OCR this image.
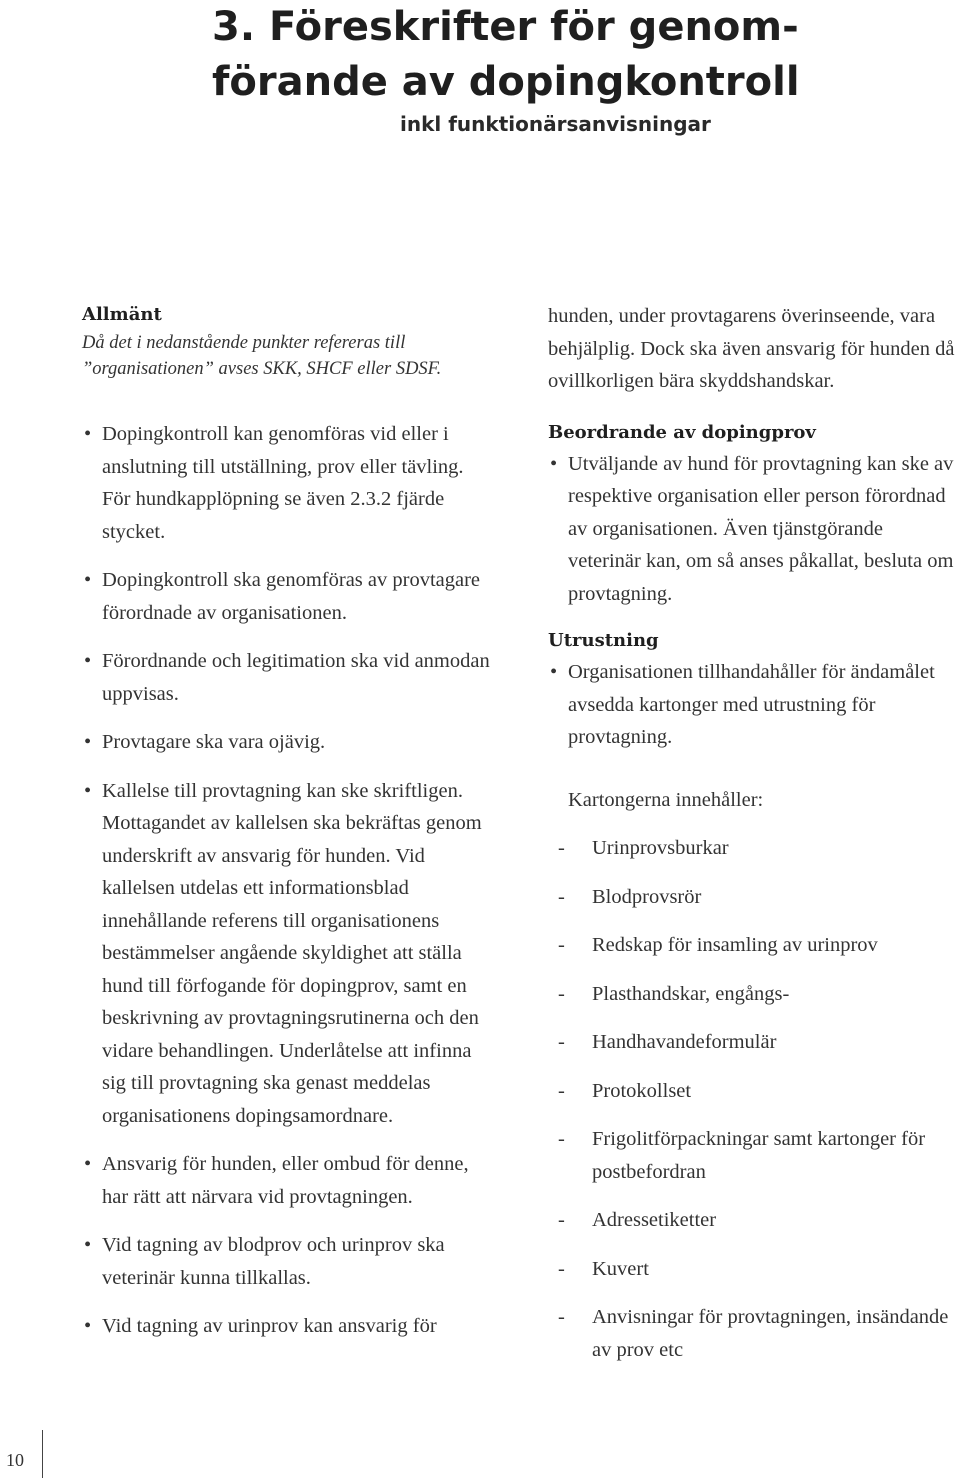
3. Föreskrifter för genom-förande av dopingkontroll
inkl funktionärsanvisningar
Allmänt

Då det i nedanstående punkter refereras till ”organisationen” avses SKK, SHCF eller SDSF.

• Dopingkontroll kan genomföras vid eller i anslutning till utställning, prov eller tävling. För hundkapplöpning se även 2.3.2 fjärde stycket.
• Dopingkontroll ska genomföras av provtagare förordnade av organisationen.
• Förordnande och legitimation ska vid anmodan uppvisas.
• Provtagare ska vara ojävig.
• Kallelse till provtagning kan ske skriftligen. Mottagandet av kallelsen ska bekräftas genom underskrift av ansvarig för hunden. Vid kallelsen utdelas ett informationsblad innehållande referens till organisationens bestämmelser angående skyldighet att ställa hund till förfogande för dopingprov, samt en beskrivning av provtagningsrutinerna och den vidare behandlingen. Underlåtelse att infinna sig till provtagning ska genast meddelas organisationens dopingsamordnare.
• Ansvarig för hunden, eller ombud för denne, har rätt att närvara vid provtagningen.
• Vid tagning av blodprov och urinprov ska veterinär kunna tillkallas.
• Vid tagning av urinprov kan ansvarig för

hunden, under provtagarens överinseende, vara behjälplig. Dock ska även ansvarig för hunden då ovillkorligen bära skyddshandskar.

Beordrande av dopingprov
• Utväljande av hund för provtagning kan ske av respektive organisation eller person förordnad av organisationen. Även tjänstgörande veterinär kan, om så anses påkallat, besluta om provtagning.
Utrustning
• Organisationen tillhandahåller för ändamålet avsedda kartonger med utrustning för provtagning.

Kartongerna innehåller:

- Urinprovsburkar
- Blodprovsrör
- Redskap för insamling av urinprov
- Plasthandskar, engångs-
- Handhavandeformulär
- Protokollset
- Frigolitförpackningar samt kartonger för postbefordran
- Adressetiketter
- Kuvert
- Anvisningar för provtagningen, insändande av prov etc
10
